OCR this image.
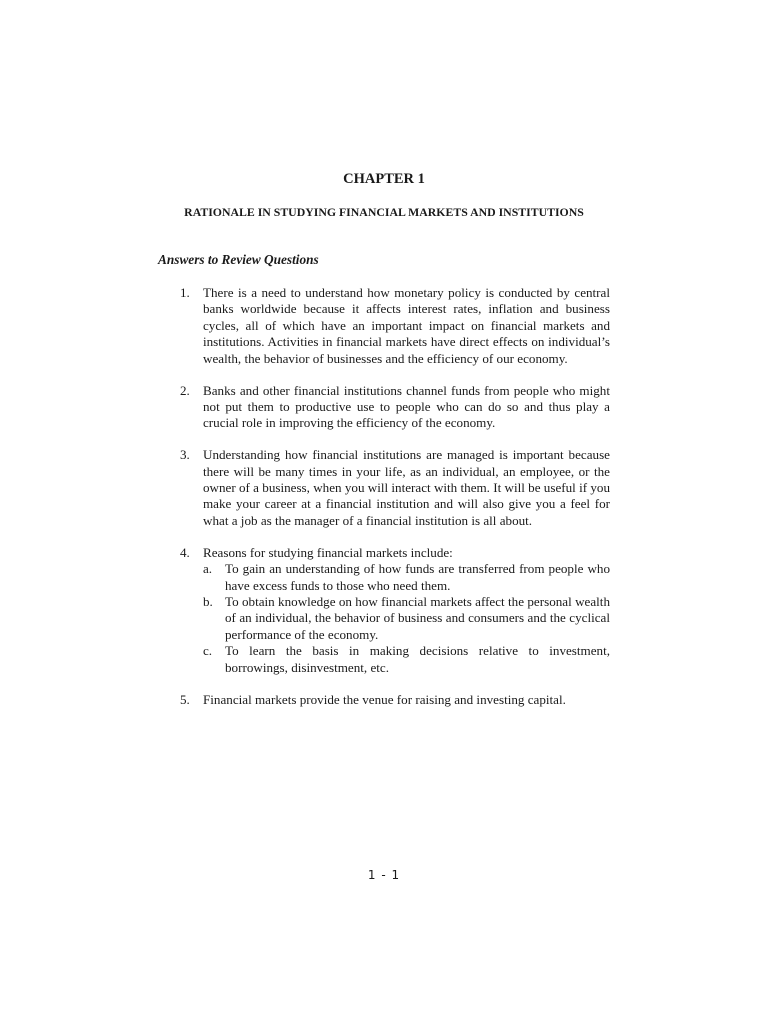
CHAPTER 1
RATIONALE IN STUDYING FINANCIAL MARKETS AND INSTITUTIONS
Answers to Review Questions
1. There is a need to understand how monetary policy is conducted by central banks worldwide because it affects interest rates, inflation and business cycles, all of which have an important impact on financial markets and institutions. Activities in financial markets have direct effects on individual’s wealth, the behavior of businesses and the efficiency of our economy.
2. Banks and other financial institutions channel funds from people who might not put them to productive use to people who can do so and thus play a crucial role in improving the efficiency of the economy.
3. Understanding how financial institutions are managed is important because there will be many times in your life, as an individual, an employee, or the owner of a business, when you will interact with them. It will be useful if you make your career at a financial institution and will also give you a feel for what a job as the manager of a financial institution is all about.
4. Reasons for studying financial markets include:
a. To gain an understanding of how funds are transferred from people who have excess funds to those who need them.
b. To obtain knowledge on how financial markets affect the personal wealth of an individual, the behavior of business and consumers and the cyclical performance of the economy.
c. To learn the basis in making decisions relative to investment, borrowings, disinvestment, etc.
5. Financial markets provide the venue for raising and investing capital.
1 - 1
